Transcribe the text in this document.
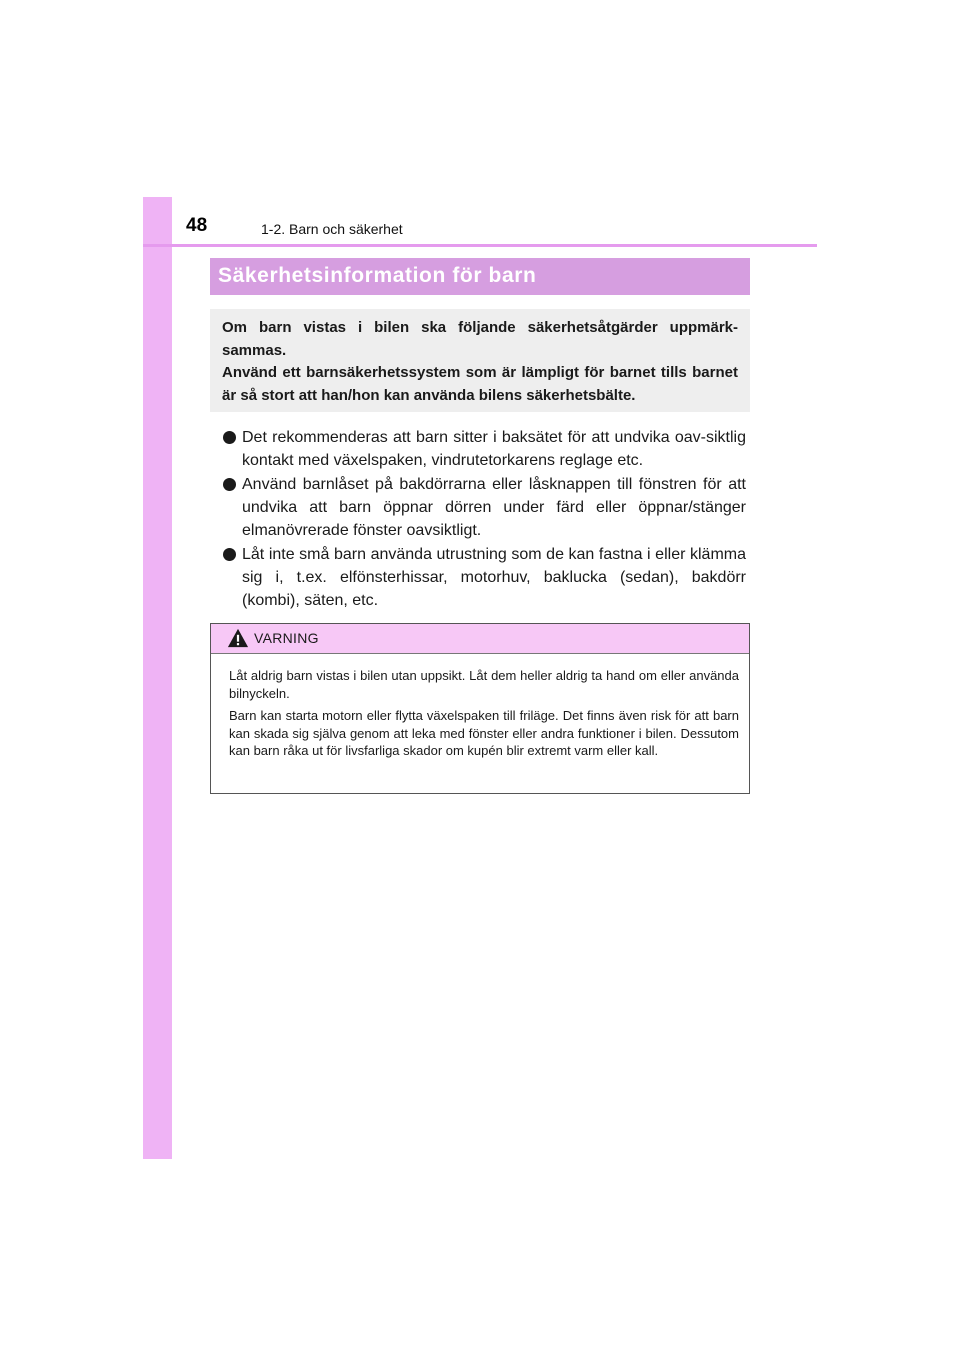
48	1-2. Barn och säkerhet
Säkerhetsinformation för barn

Om barn vistas i bilen ska följande säkerhetsåtgärder uppmärk-sammas.

Använd ett barnsäkerhetssystem som är lämpligt för barnet tills barnet är så stort att han/hon kan använda bilens säkerhetsbälte.

Det rekommenderas att barn sitter i baksätet för att undvika oav-siktlig kontakt med växelspaken, vindrutetorkarens reglage etc.
Använd barnlåset på bakdörrarna eller låsknappen till fönstren för att undvika att barn öppnar dörren under färd eller öppnar/stänger elmanövrerade fönster oavsiktligt.
Låt inte små barn använda utrustning som de kan fastna i eller klämma sig i, t.ex. elfönsterhissar, motorhuv, baklucka (sedan), bakdörr (kombi), säten, etc.
VARNING

Låt aldrig barn vistas i bilen utan uppsikt. Låt dem heller aldrig ta hand om eller använda bilnyckeln.

Barn kan starta motorn eller flytta växelspaken till friläge. Det finns även risk för att barn kan skada sig själva genom att leka med fönster eller andra funktioner i bilen. Dessutom kan barn råka ut för livsfarliga skador om kupén blir extremt varm eller kall.
